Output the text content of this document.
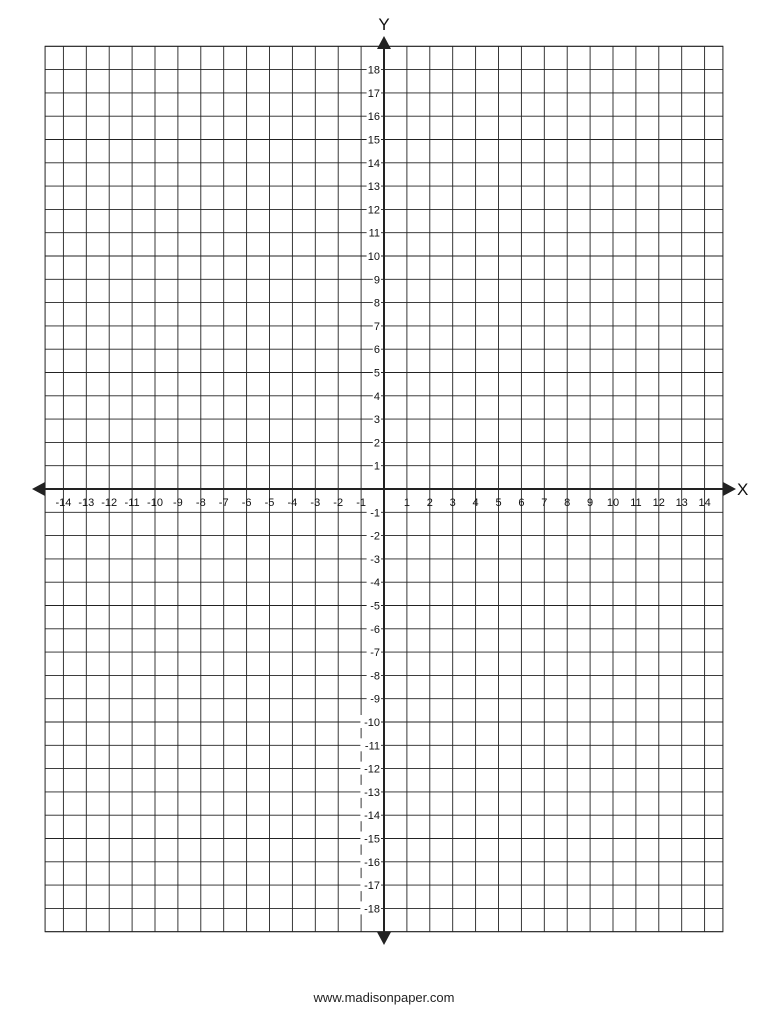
-14 -13 -12 -11 -10 -9 -8 -7 -6 -5 -4 -3 -2 -1	1 2 3 4 5 6 7 8 9 10 11 12 13 14
-18
-17
-16
-15
-14
-13
-12
-11
-10
-9
-8
-7
-6
-5
-4
-3
-2
-1
1
2
3
4
5
6
7
8
9
10
11
12
13
14
15
16
17
18
Y
X
www.madisonpaper.com
